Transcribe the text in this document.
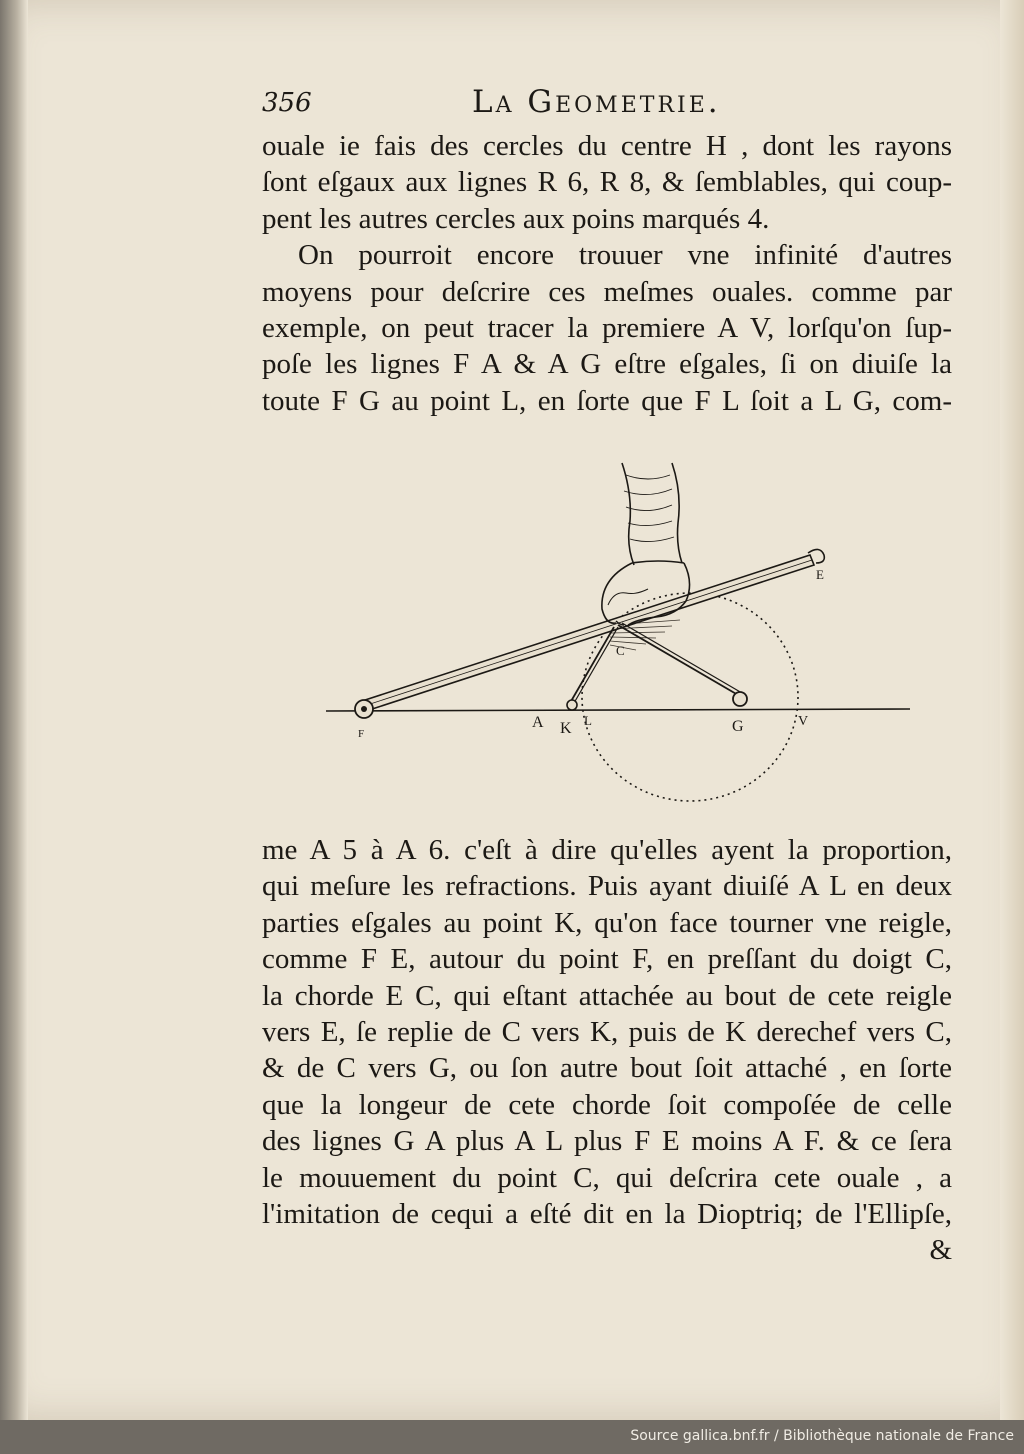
356	La Geometrie.
ouale ie fais des cercles du centre H , dont les rayons
ſont eſgaux aux lignes R 6, R 8, & ſemblables, qui coup-
pent les autres cercles aux poins marqués 4.
On pourroit encore trouuer vne infinité d'autres
moyens pour deſcrire ces meſmes ouales. comme par
exemple, on peut tracer la premiere A V, lorſqu'on ſup-
poſe les lignes F A & A G eſtre eſgales, ſi on diuiſe la
toute F G au point L, en ſorte que F L ſoit a L G, com-
E
C
F
A K L	G	V
me A 5 à A 6. c'eſt à dire qu'elles ayent la proportion,
qui meſure les refractions. Puis ayant diuiſé A L en deux
parties eſgales au point K, qu'on face tourner vne reigle,
comme F E, autour du point F, en preſſant du doigt C,
la chorde E C, qui eſtant attachée au bout de cete reigle
vers E, ſe replie de C vers K, puis de K derechef vers C,
& de C vers G, ou ſon autre bout ſoit attaché , en ſorte
que la longeur de cete chorde ſoit compoſée de celle
des lignes G A plus A L plus F E moins A F. & ce ſera
le mouuement du point C, qui deſcrira cete ouale , a
l'imitation de cequi a eſté dit en la Dioptriq; de l'Ellipſe,
&
Source gallica.bnf.fr / Bibliothèque nationale de France
